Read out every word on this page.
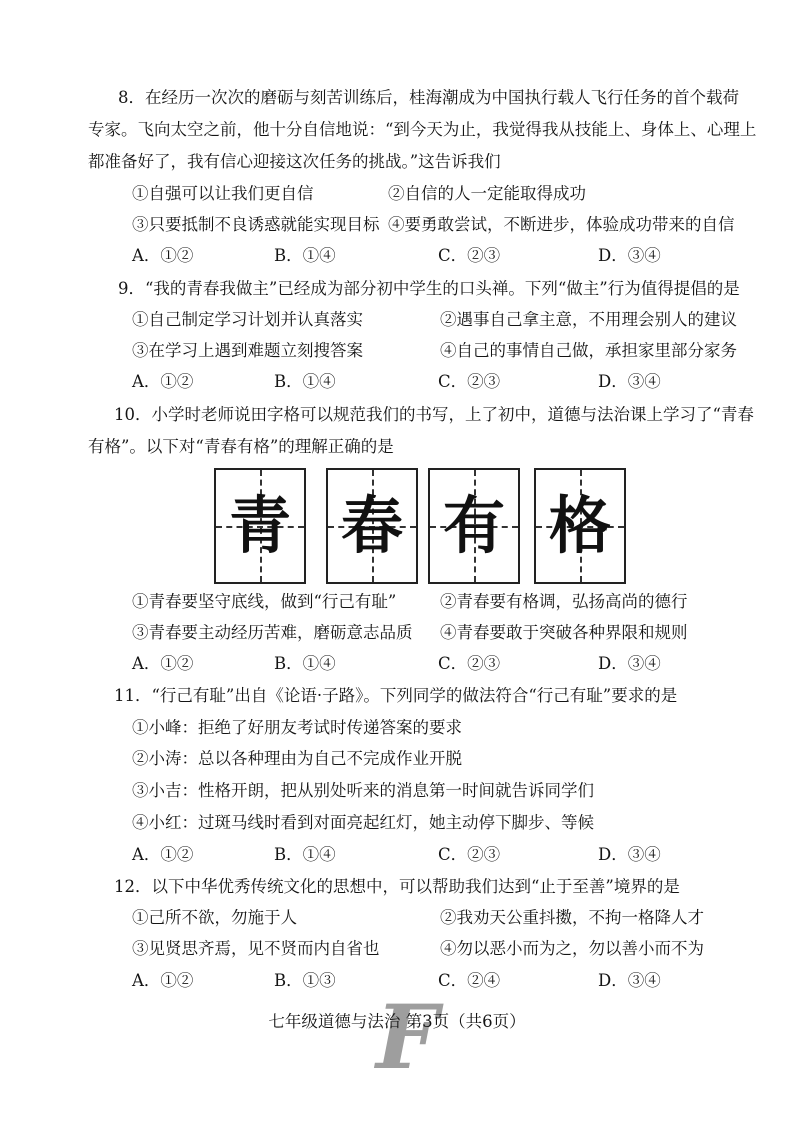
8．在经历一次次的磨砺与刻苦训练后，桂海潮成为中国执行载人飞行任务的首个载荷
专家。飞向太空之前，他十分自信地说：“到今天为止，我觉得我从技能上、身体上、心理上
都准备好了，我有信心迎接这次任务的挑战。”这告诉我们
①自强可以让我们更自信	②自信的人一定能取得成功
③只要抵制不良诱惑就能实现目标 ④要勇敢尝试，不断进步，体验成功带来的自信
A．①②	B．①④	C．②③	D．③④
9．“我的青春我做主”已经成为部分初中学生的口头禅。下列“做主”行为值得提倡的是
①自己制定学习计划并认真落实	②遇事自己拿主意，不用理会别人的建议
③在学习上遇到难题立刻搜答案	④自己的事情自己做，承担家里部分家务
A．①②	B．①④	C．②③	D．③④
10．小学时老师说田字格可以规范我们的书写，上了初中，道德与法治课上学习了“青春
有格”。以下对“青春有格”的理解正确的是
青 春 有 格
①青春要坚守底线，做到“行己有耻”	②青春要有格调，弘扬高尚的德行
③青春要主动经历苦难，磨砺意志品质 ④青春要敢于突破各种界限和规则
A．①②	B．①④	C．②③	D．③④
11．“行己有耻”出自《论语·子路》。下列同学的做法符合“行己有耻”要求的是
①小峰：拒绝了好朋友考试时传递答案的要求
②小涛：总以各种理由为自己不完成作业开脱
③小吉：性格开朗，把从别处听来的消息第一时间就告诉同学们
④小红：过斑马线时看到对面亮起红灯，她主动停下脚步、等候
A．①②	B．①④	C．②③	D．③④
12．以下中华优秀传统文化的思想中，可以帮助我们达到“止于至善”境界的是
①己所不欲，勿施于人	②我劝天公重抖擞，不拘一格降人才
③见贤思齐焉，见不贤而内自省也	④勿以恶小而为之，勿以善小而不为
A．①②	B．①③	C．②④	D．③④
F
七年级道德与法治 第3页（共6页）
